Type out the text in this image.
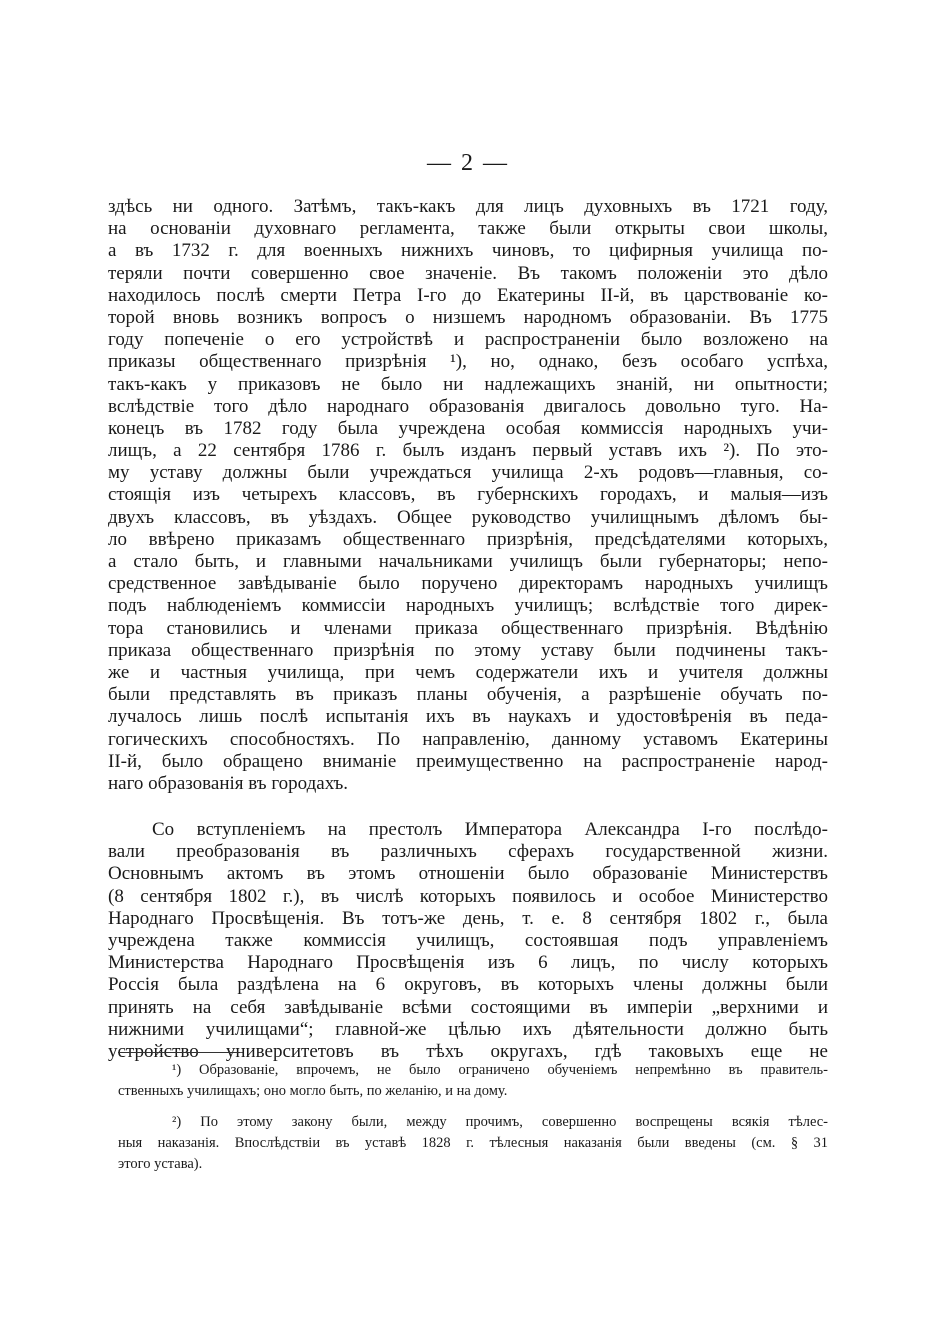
— 2 —
здѣсь ни одного. Затѣмъ, такъ-какъ для лицъ духовныхъ въ 1721 году,
на основаніи духовнаго регламента, также были открыты свои школы,
а въ 1732 г. для военныхъ нижнихъ чиновъ, то цифирныя училища по-
теряли почти совершенно свое значеніе. Въ такомъ положеніи это дѣло
находилось послѣ смерти Петра I-го до Екатерины II-й, въ царствованіе ко-
торой вновь возникъ вопросъ о низшемъ народномъ образованіи. Въ 1775
году попеченіе о его устройствѣ и распространеніи было возложено на
приказы общественнаго призрѣнія ¹), но, однако, безъ особаго успѣха,
такъ-какъ у приказовъ не было ни надлежащихъ знаній, ни опытности;
вслѣдствіе того дѣло народнаго образованія двигалось довольно туго. На-
конецъ въ 1782 году была учреждена особая коммиссія народныхъ учи-
лищъ, а 22 сентября 1786 г. былъ изданъ первый уставъ ихъ ²). По это-
му уставу должны были учреждаться училища 2-хъ родовъ—главныя, со-
стоящія изъ четырехъ классовъ, въ губернскихъ городахъ, и малыя—изъ
двухъ классовъ, въ уѣздахъ. Общее руководство училищнымъ дѣломъ бы-
ло ввѣрено приказамъ общественнаго призрѣнія, предсѣдателями которыхъ,
а стало быть, и главными начальниками училищъ были губернаторы; непо-
средственное завѣдываніе было поручено директорамъ народныхъ училищъ
подъ наблюденіемъ коммиссіи народныхъ училищъ; вслѣдствіе того дирек-
тора становились и членами приказа общественнаго призрѣнія. Вѣдѣнію
приказа общественнаго призрѣнія по этому уставу были подчинены такъ-
же и частныя училища, при чемъ содержатели ихъ и учителя должны
были представлять въ приказъ планы обученія, а разрѣшеніе обучать по-
лучалось лишь послѣ испытанія ихъ въ наукахъ и удостовѣренія въ педа-
гогическихъ способностяхъ. По направленію, данному уставомъ Екатерины
II-й, было обращено вниманіе преимущественно на распространеніе народ-
наго образованія въ городахъ.
Со вступленіемъ на престолъ Императора Александра I-го послѣдо-
вали преобразованія въ различныхъ сферахъ государственной жизни.
Основнымъ актомъ въ этомъ отношеніи было образованіе Министерствъ
(8 сентября 1802 г.), въ числѣ которыхъ появилось и особое Министерство
Народнаго Просвѣщенія. Въ тотъ-же день, т. е. 8 сентября 1802 г., была
учреждена также коммиссія училищъ, состоявшая подъ управленіемъ
Министерства Народнаго Просвѣщенія изъ 6 лицъ, по числу которыхъ
Россія была раздѣлена на 6 округовъ, въ которыхъ члены должны были
принять на себя завѣдываніе всѣми состоящими въ имперіи „верхними и
нижними училищами“; главной-же цѣлью ихъ дѣятельности должно быть
устройство университетовъ въ тѣхъ округахъ, гдѣ таковыхъ еще не
¹) Образованіе, впрочемъ, не было ограничено обученіемъ непремѣнно въ правитель-
ственныхъ училищахъ; оно могло быть, по желанію, и на дому.
²) По этому закону были, между прочимъ, совершенно воспрещены всякія тѣлес-
ныя наказанія. Впослѣдствіи въ уставѣ 1828 г. тѣлесныя наказанія были введены (см. § 31
этого устава).
